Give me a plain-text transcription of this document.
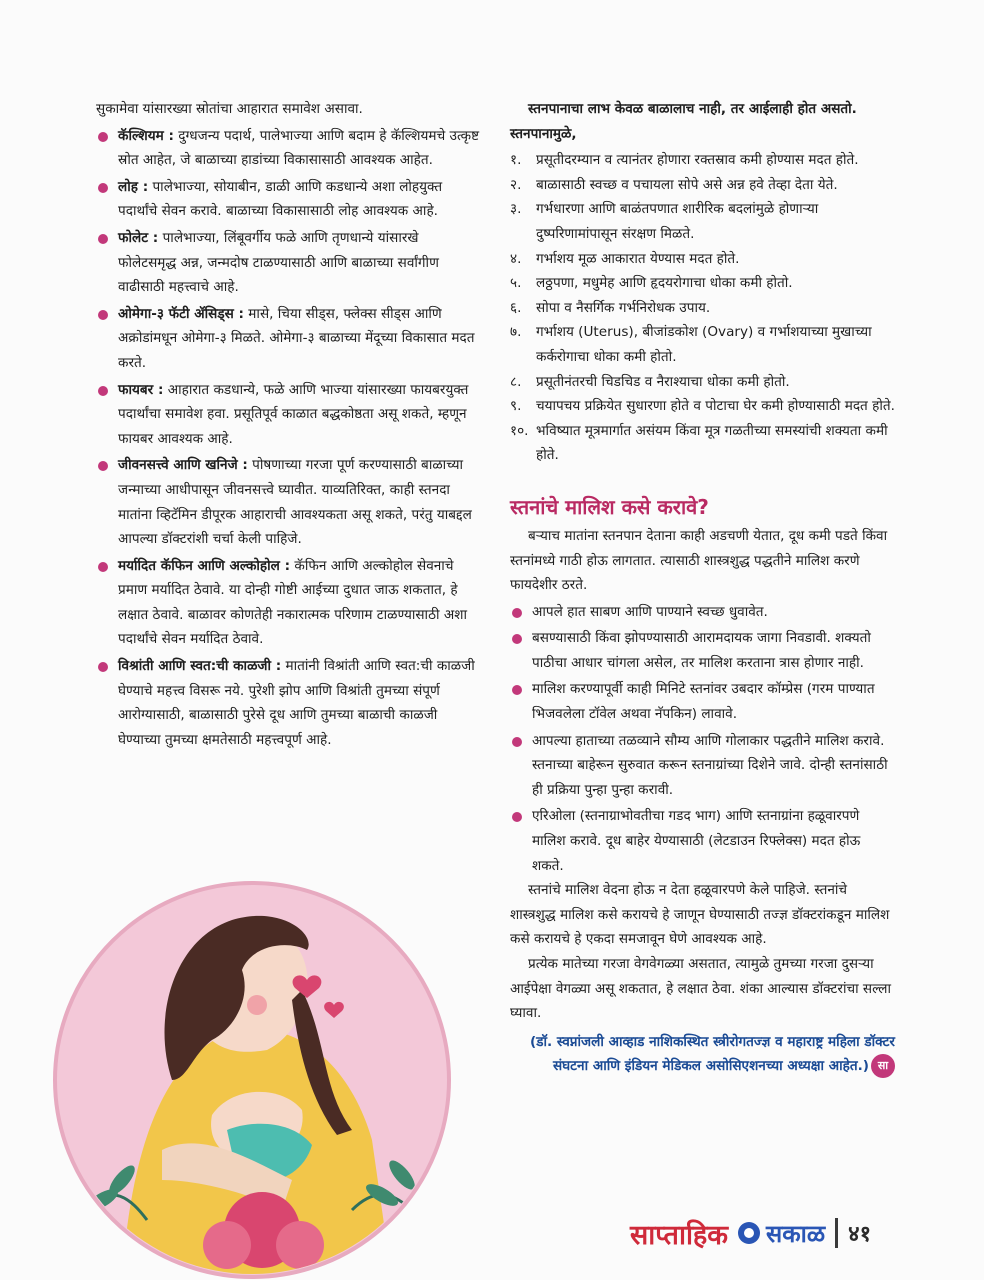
सुकामेवा यांसारख्या स्रोतांचा आहारात समावेश असावा.

कॅल्शियम : दुग्धजन्य पदार्थ, पालेभाज्या आणि बदाम हे कॅल्शियमचे उत्कृष्ट स्रोत आहेत, जे बाळाच्या हाडांच्या विकासासाठी आवश्यक आहेत.

लोह : पालेभाज्या, सोयाबीन, डाळी आणि कडधान्ये अशा लोहयुक्त पदार्थांचे सेवन करावे. बाळाच्या विकासासाठी लोह आवश्यक आहे.

फोलेट : पालेभाज्या, लिंबूवर्गीय फळे आणि तृणधान्ये यांसारखे फोलेटसमृद्ध अन्न, जन्मदोष टाळण्यासाठी आणि बाळाच्या सर्वांगीण वाढीसाठी महत्त्वाचे आहे.

ओमेगा-३ फॅटी ॲसिड्स : मासे, चिया सीड्स, फ्लेक्स सीड्स आणि अक्रोडांमधून ओमेगा-३ मिळते. ओमेगा-३ बाळाच्या मेंदूच्या विकासात मदत करते.

फायबर : आहारात कडधान्ये, फळे आणि भाज्या यांसारख्या फायबरयुक्त पदार्थांचा समावेश हवा. प्रसूतिपूर्व काळात बद्धकोष्ठता असू शकते, म्हणून फायबर आवश्यक आहे.

जीवनसत्त्वे आणि खनिजे : पोषणाच्या गरजा पूर्ण करण्यासाठी बाळाच्या जन्माच्या आधीपासून जीवनसत्त्वे घ्यावीत. याव्यतिरिक्त, काही स्तनदा मातांना व्हिटॅमिन डीपूरक आहाराची आवश्यकता असू शकते, परंतु याबद्दल आपल्या डॉक्टरांशी चर्चा केली पाहिजे.

मर्यादित कॅफिन आणि अल्कोहोल : कॅफिन आणि अल्कोहोल सेवनाचे प्रमाण मर्यादित ठेवावे. या दोन्ही गोष्टी आईच्या दुधात जाऊ शकतात, हे लक्षात ठेवावे. बाळावर कोणतेही नकारात्मक परिणाम टाळण्यासाठी अशा पदार्थांचे सेवन मर्यादित ठेवावे.

विश्रांती आणि स्वत:ची काळजी : मातांनी विश्रांती आणि स्वत:ची काळजी घेण्याचे महत्त्व विसरू नये. पुरेशी झोप आणि विश्रांती तुमच्या संपूर्ण आरोग्यासाठी, बाळासाठी पुरेसे दूध आणि तुमच्या बाळाची काळजी घेण्याच्या तुमच्या क्षमतेसाठी महत्त्वपूर्ण आहे.

स्तनपानाचा लाभ केवळ बाळालाच नाही, तर आईलाही होत असतो. स्तनपानामुळे,

१.	प्रसूतीदरम्यान व त्यानंतर होणारा रक्तस्राव कमी होण्यास मदत होते.
२.	बाळासाठी स्वच्छ व पचायला सोपे असे अन्न हवे तेव्हा देता येते.
३.	गर्भधारणा आणि बाळंतपणात शारीरिक बदलांमुळे होणाऱ्या दुष्परिणामांपासून संरक्षण मिळते.
४.	गर्भाशय मूळ आकारात येण्यास मदत होते.
५.	लठ्ठपणा, मधुमेह आणि हृदयरोगाचा धोका कमी होतो.
६.	सोपा व नैसर्गिक गर्भनिरोधक उपाय.
७.	गर्भाशय (Uterus), बीजांडकोश (Ovary) व गर्भाशयाच्या मुखाच्या कर्करोगाचा धोका कमी होतो.
८.	प्रसूतीनंतरची चिडचिड व नैराश्याचा धोका कमी होतो.
९.	चयापचय प्रक्रियेत सुधारणा होते व पोटाचा घेर कमी होण्यासाठी मदत होते.
१०. भविष्यात मूत्रमार्गात असंयम किंवा मूत्र गळतीच्या समस्यांची शक्यता कमी होते.
स्तनांचे मालिश कसे करावे?

बऱ्याच मातांना स्तनपान देताना काही अडचणी येतात, दूध कमी पडते किंवा स्तनांमध्ये गाठी होऊ लागतात. त्यासाठी शास्त्रशुद्ध पद्धतीने मालिश करणे फायदेशीर ठरते.

आपले हात साबण आणि पाण्याने स्वच्छ धुवावेत.

बसण्यासाठी किंवा झोपण्यासाठी आरामदायक जागा निवडावी. शक्यतो पाठीचा आधार चांगला असेल, तर मालिश करताना त्रास होणार नाही.

मालिश करण्यापूर्वी काही मिनिटे स्तनांवर उबदार कॉम्प्रेस (गरम पाण्यात भिजवलेला टॉवेल अथवा नॅपकिन) लावावे.

आपल्या हाताच्या तळव्याने सौम्य आणि गोलाकार पद्धतीने मालिश करावे. स्तनाच्या बाहेरून सुरुवात करून स्तनाग्रांच्या दिशेने जावे. दोन्ही स्तनांसाठी ही प्रक्रिया पुन्हा पुन्हा करावी.

एरिओला (स्तनाग्राभोवतीचा गडद भाग) आणि स्तनाग्रांना हळूवारपणे मालिश करावे. दूध बाहेर येण्यासाठी (लेटडाउन रिफ्लेक्स) मदत होऊ शकते.

स्तनांचे मालिश वेदना होऊ न देता हळूवारपणे केले पाहिजे. स्तनांचे शास्त्रशुद्ध मालिश कसे करायचे हे जाणून घेण्यासाठी तज्ज्ञ डॉक्टरांकडून मालिश कसे करायचे हे एकदा समजावून घेणे आवश्यक आहे.

प्रत्येक मातेच्या गरजा वेगवेगळ्या असतात, त्यामुळे तुमच्या गरजा दुसऱ्या आईपेक्षा वेगळ्या असू शकतात, हे लक्षात ठेवा. शंका आल्यास डॉक्टरांचा सल्ला घ्यावा.

(डॉ. स्वप्नांजली आव्हाड नाशिकस्थित स्त्रीरोगतज्ज्ञ व महाराष्ट्र महिला डॉक्टर संघटना आणि इंडियन मेडिकल असोसिएशनच्या अध्यक्षा आहेत.) सा
साप्ताहिक सकाळ ४१
